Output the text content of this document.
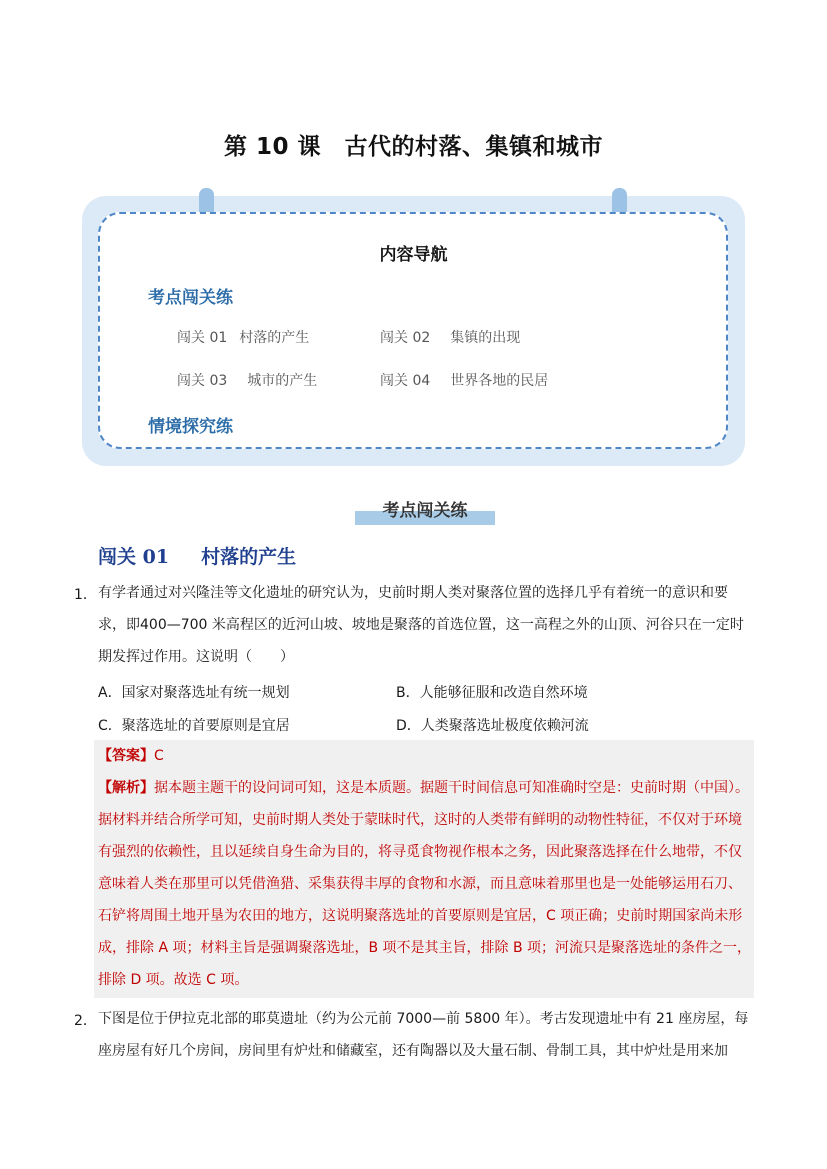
第 10 课　古代的村落、集镇和城市
内容导航
考点闯关练
闯关 01 村落的产生	闯关 02 集镇的出现
闯关 03 城市的产生	闯关 04 世界各地的民居
情境探究练
考点闯关练
闯关 01 村落的产生
1． 有学者通过对兴隆洼等文化遗址的研究认为，史前时期人类对聚落位置的选择几乎有着统一的意识和要求，即400—700 米高程区的近河山坡、坡地是聚落的首选位置，这一高程之外的山顶、河谷只在一定时期发挥过作用。这说明（　　）

A．国家对聚落选址有统一规划	B．人能够征服和改造自然环境
C．聚落选址的首要原则是宜居	D．人类聚落选址极度依赖河流
【答案】C

【解析】据本题主题干的设问词可知，这是本质题。据题干时间信息可知准确时空是：史前时期（中国）。据材料并结合所学可知，史前时期人类处于蒙昧时代，这时的人类带有鲜明的动物性特征，不仅对于环境有强烈的依赖性，且以延续自身生命为目的，将寻觅食物视作根本之务，因此聚落选择在什么地带，不仅意味着人类在那里可以凭借渔猎、采集获得丰厚的食物和水源，而且意味着那里也是一处能够运用石刀、石铲将周围土地开垦为农田的地方，这说明聚落选址的首要原则是宜居，C 项正确；史前时期国家尚未形成，排除 A 项；材料主旨是强调聚落选址，B 项不是其主旨，排除 B 项；河流只是聚落选址的条件之一，排除 D 项。故选 C 项。

2． 下图是位于伊拉克北部的耶莫遗址（约为公元前 7000—前 5800 年）。考古发现遗址中有 21 座房屋，每座房屋有好几个房间，房间里有炉灶和储藏室，还有陶器以及大量石制、骨制工具，其中炉灶是用来加
